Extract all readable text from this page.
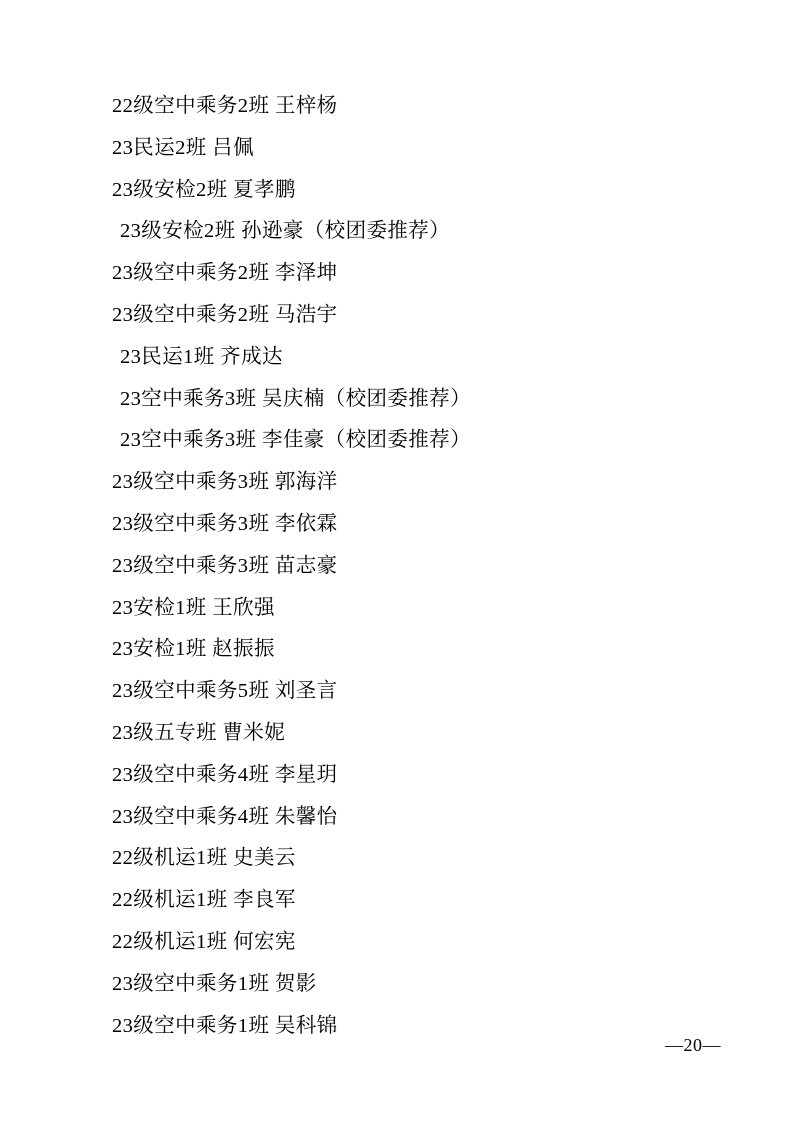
22级空中乘务2班 王梓杨
23民运2班 吕佩
23级安检2班 夏孝鹏
23级安检2班 孙逊豪（校团委推荐）
23级空中乘务2班 李泽坤
23级空中乘务2班 马浩宇
23民运1班 齐成达
23空中乘务3班 吴庆楠（校团委推荐）
23空中乘务3班 李佳豪（校团委推荐）
23级空中乘务3班 郭海洋
23级空中乘务3班 李依霖
23级空中乘务3班 苗志豪
23安检1班 王欣强
23安检1班 赵振振
23级空中乘务5班 刘圣言
23级五专班 曹米妮
23级空中乘务4班 李星玥
23级空中乘务4班 朱馨怡
22级机运1班 史美云
22级机运1班 李良军
22级机运1班 何宏宪
23级空中乘务1班 贺影
23级空中乘务1班 吴科锦
—20—
